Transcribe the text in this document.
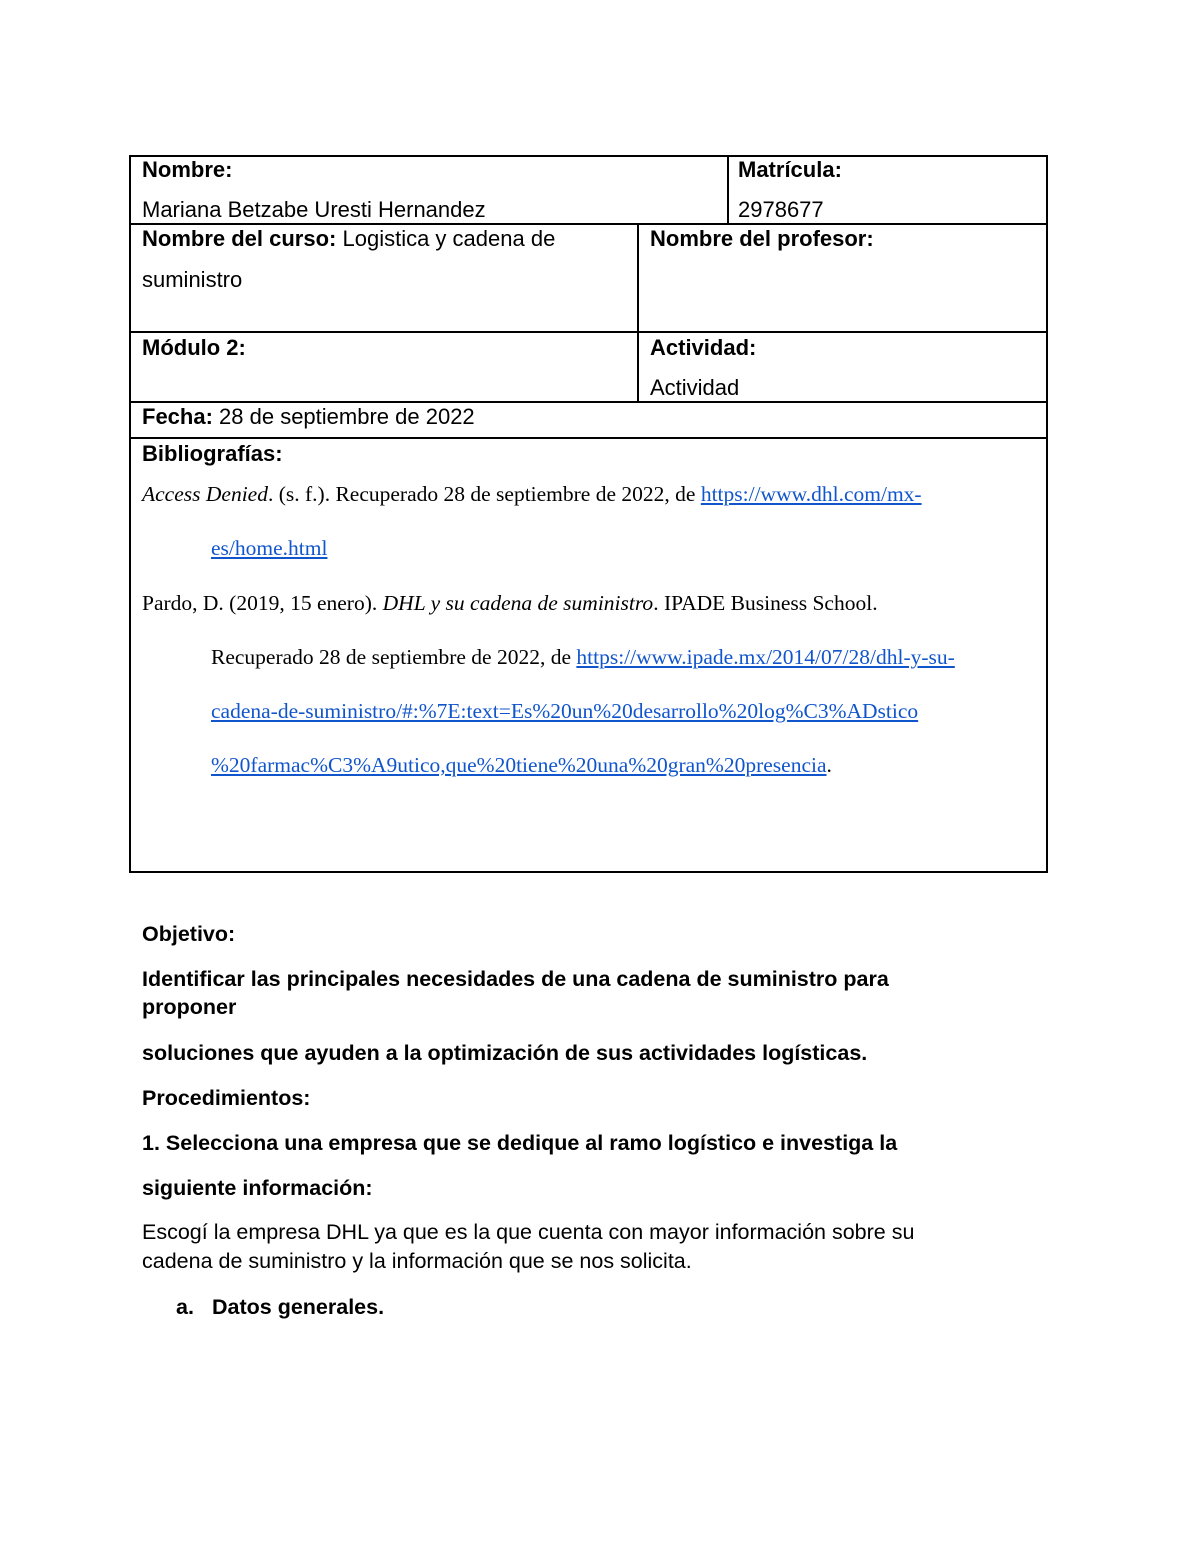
Nombre:
Mariana Betzabe Uresti Hernandez
Matrícula:
2978677
Nombre del curso: Logistica y cadena de
suministro
Nombre del profesor:
Módulo 2:	Actividad:
Actividad
Fecha: 28 de septiembre de 2022
Bibliografías:
Access Denied. (s. f.). Recuperado 28 de septiembre de 2022, de https://www.dhl.com/mx-
es/home.html
Pardo, D. (2019, 15 enero). DHL y su cadena de suministro. IPADE Business School.
Recuperado 28 de septiembre de 2022, de https://www.ipade.mx/2014/07/28/dhl-y-su-
cadena-de-suministro/#:%7E:text=Es%20un%20desarrollo%20log%C3%ADstico
%20farmac%C3%A9utico,que%20tiene%20una%20gran%20presencia.
Objetivo:
Identificar las principales necesidades de una cadena de suministro para
proponer
soluciones que ayuden a la optimización de sus actividades logísticas.
Procedimientos:
1. Selecciona una empresa que se dedique al ramo logístico e investiga la
siguiente información:
Escogí la empresa DHL ya que es la que cuenta con mayor información sobre su
cadena de suministro y la información que se nos solicita.
a. Datos generales.
